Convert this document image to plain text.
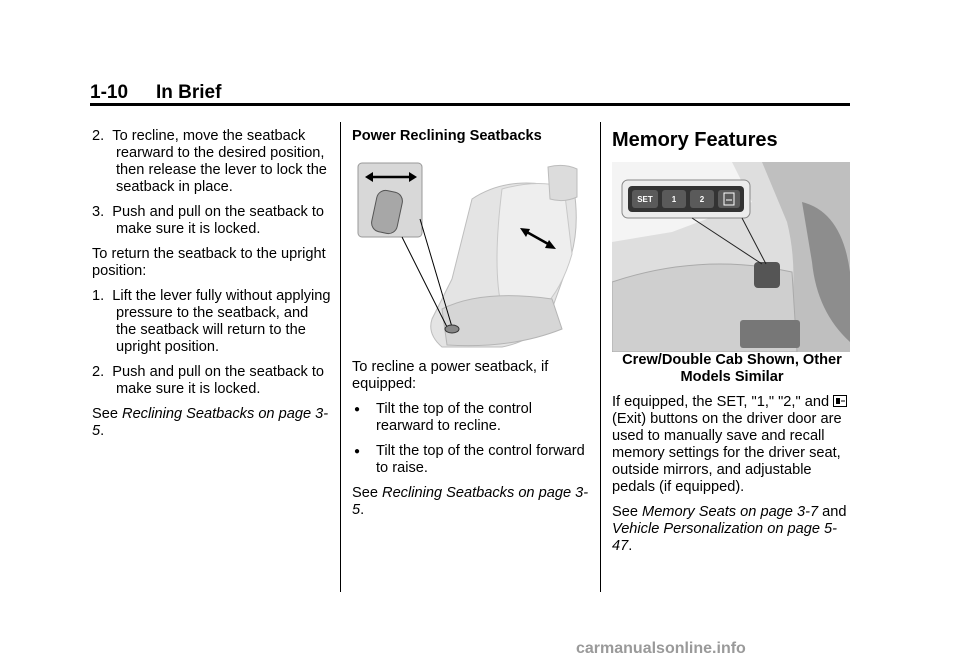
1-10 In Brief
2. To recline, move the seatback rearward to the desired position, then release the lever to lock the seatback in place.
3. Push and pull on the seatback to make sure it is locked.

To return the seatback to the upright position:

1. Lift the lever fully without applying pressure to the seatback, and the seatback will return to the upright position.
2. Push and pull on the seatback to make sure it is locked.

See Reclining Seatbacks on page 3-5.

Power Reclining Seatbacks

To recline a power seatback, if equipped:

● Tilt the top of the control rearward to recline.
● Tilt the top of the control forward to raise.

See Reclining Seatbacks on page 3-5.

Memory Features
SET 1	2

Crew/Double Cab Shown, Other Models Similar

If equipped, the SET, "1," "2," and  (Exit) buttons on the driver door are used to manually save and recall memory settings for the driver seat, outside mirrors, and adjustable pedals (if equipped).

See Memory Seats on page 3-7 and Vehicle Personalization on page 5-47.

carmanualsonline.info
